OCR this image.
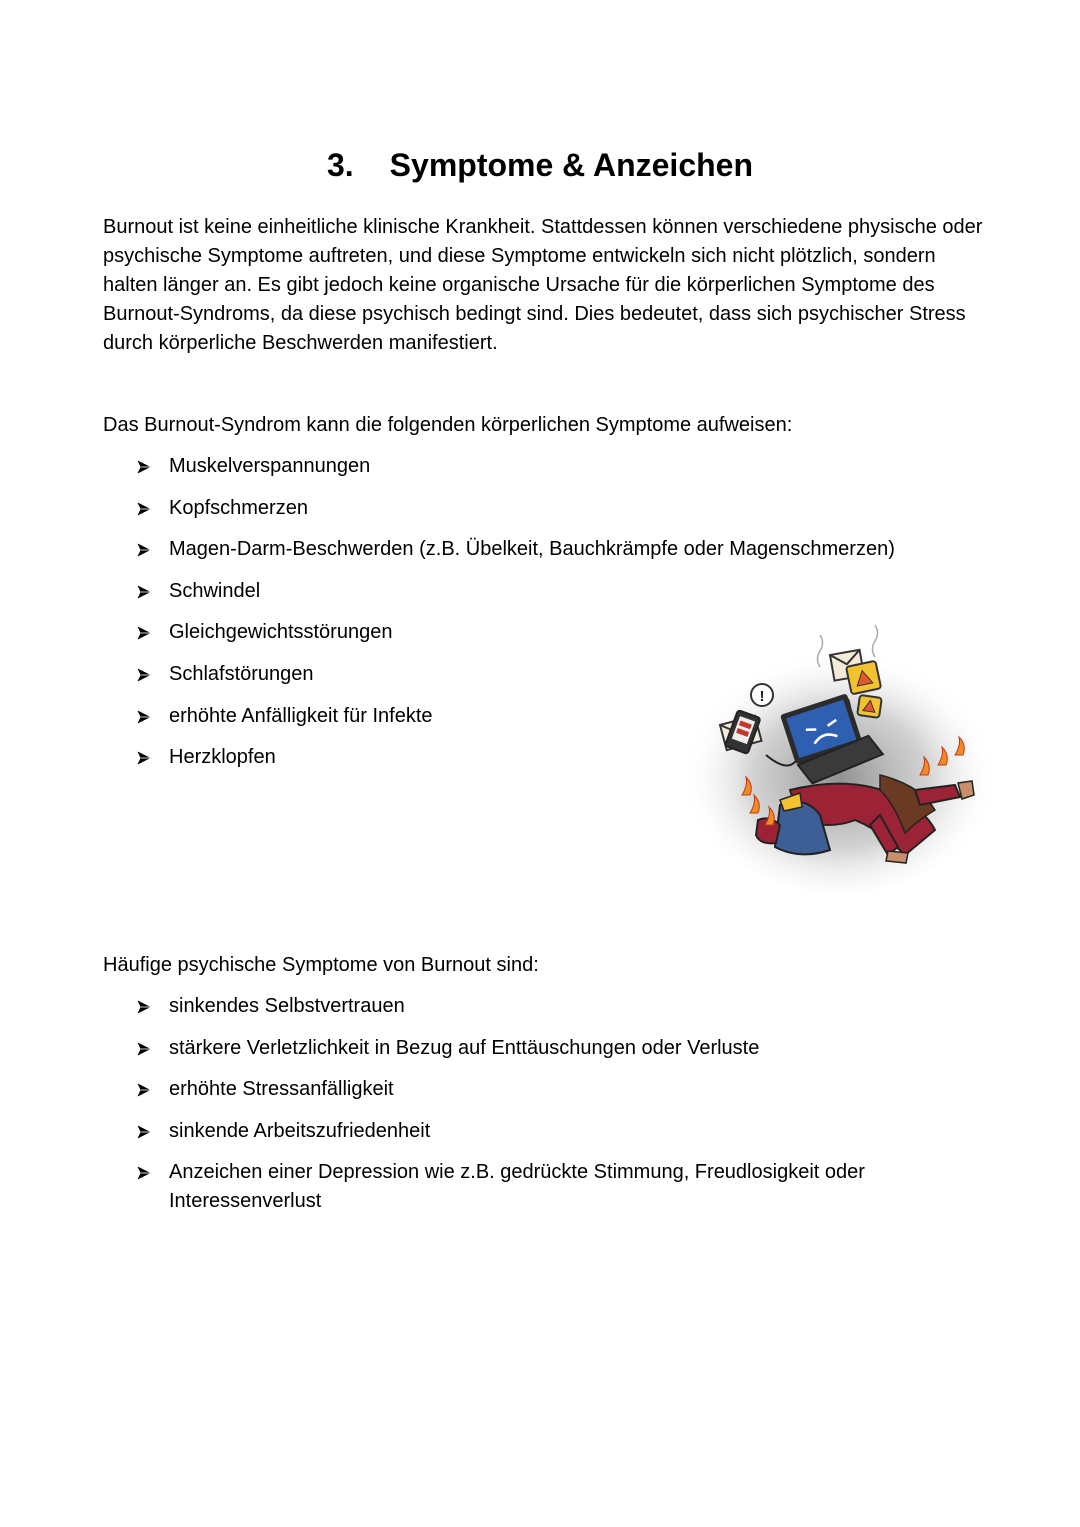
3. Symptome & Anzeichen

Burnout ist keine einheitliche klinische Krankheit. Stattdessen können verschiedene physische oder psychische Symptome auftreten, und diese Symptome entwickeln sich nicht plötzlich, sondern halten länger an. Es gibt jedoch keine organische Ursache für die körperlichen Symptome des Burnout-Syndroms, da diese psychisch bedingt sind. Dies bedeutet, dass sich psychischer Stress durch körperliche Beschwerden manifestiert.

Das Burnout-Syndrom kann die folgenden körperlichen Symptome aufweisen:
Muskelverspannungen
Kopfschmerzen
Magen-Darm-Beschwerden (z.B. Übelkeit, Bauchkrämpfe oder Magenschmerzen)
Schwindel
Gleichgewichtsstörungen
Schlafstörungen
erhöhte Anfälligkeit für Infekte
Herzklopfen
!
Häufige psychische Symptome von Burnout sind:
sinkendes Selbstvertrauen
stärkere Verletzlichkeit in Bezug auf Enttäuschungen oder Verluste
erhöhte Stressanfälligkeit
sinkende Arbeitszufriedenheit
Anzeichen einer Depression wie z.B. gedrückte Stimmung, Freudlosigkeit oder Interessenverlust
